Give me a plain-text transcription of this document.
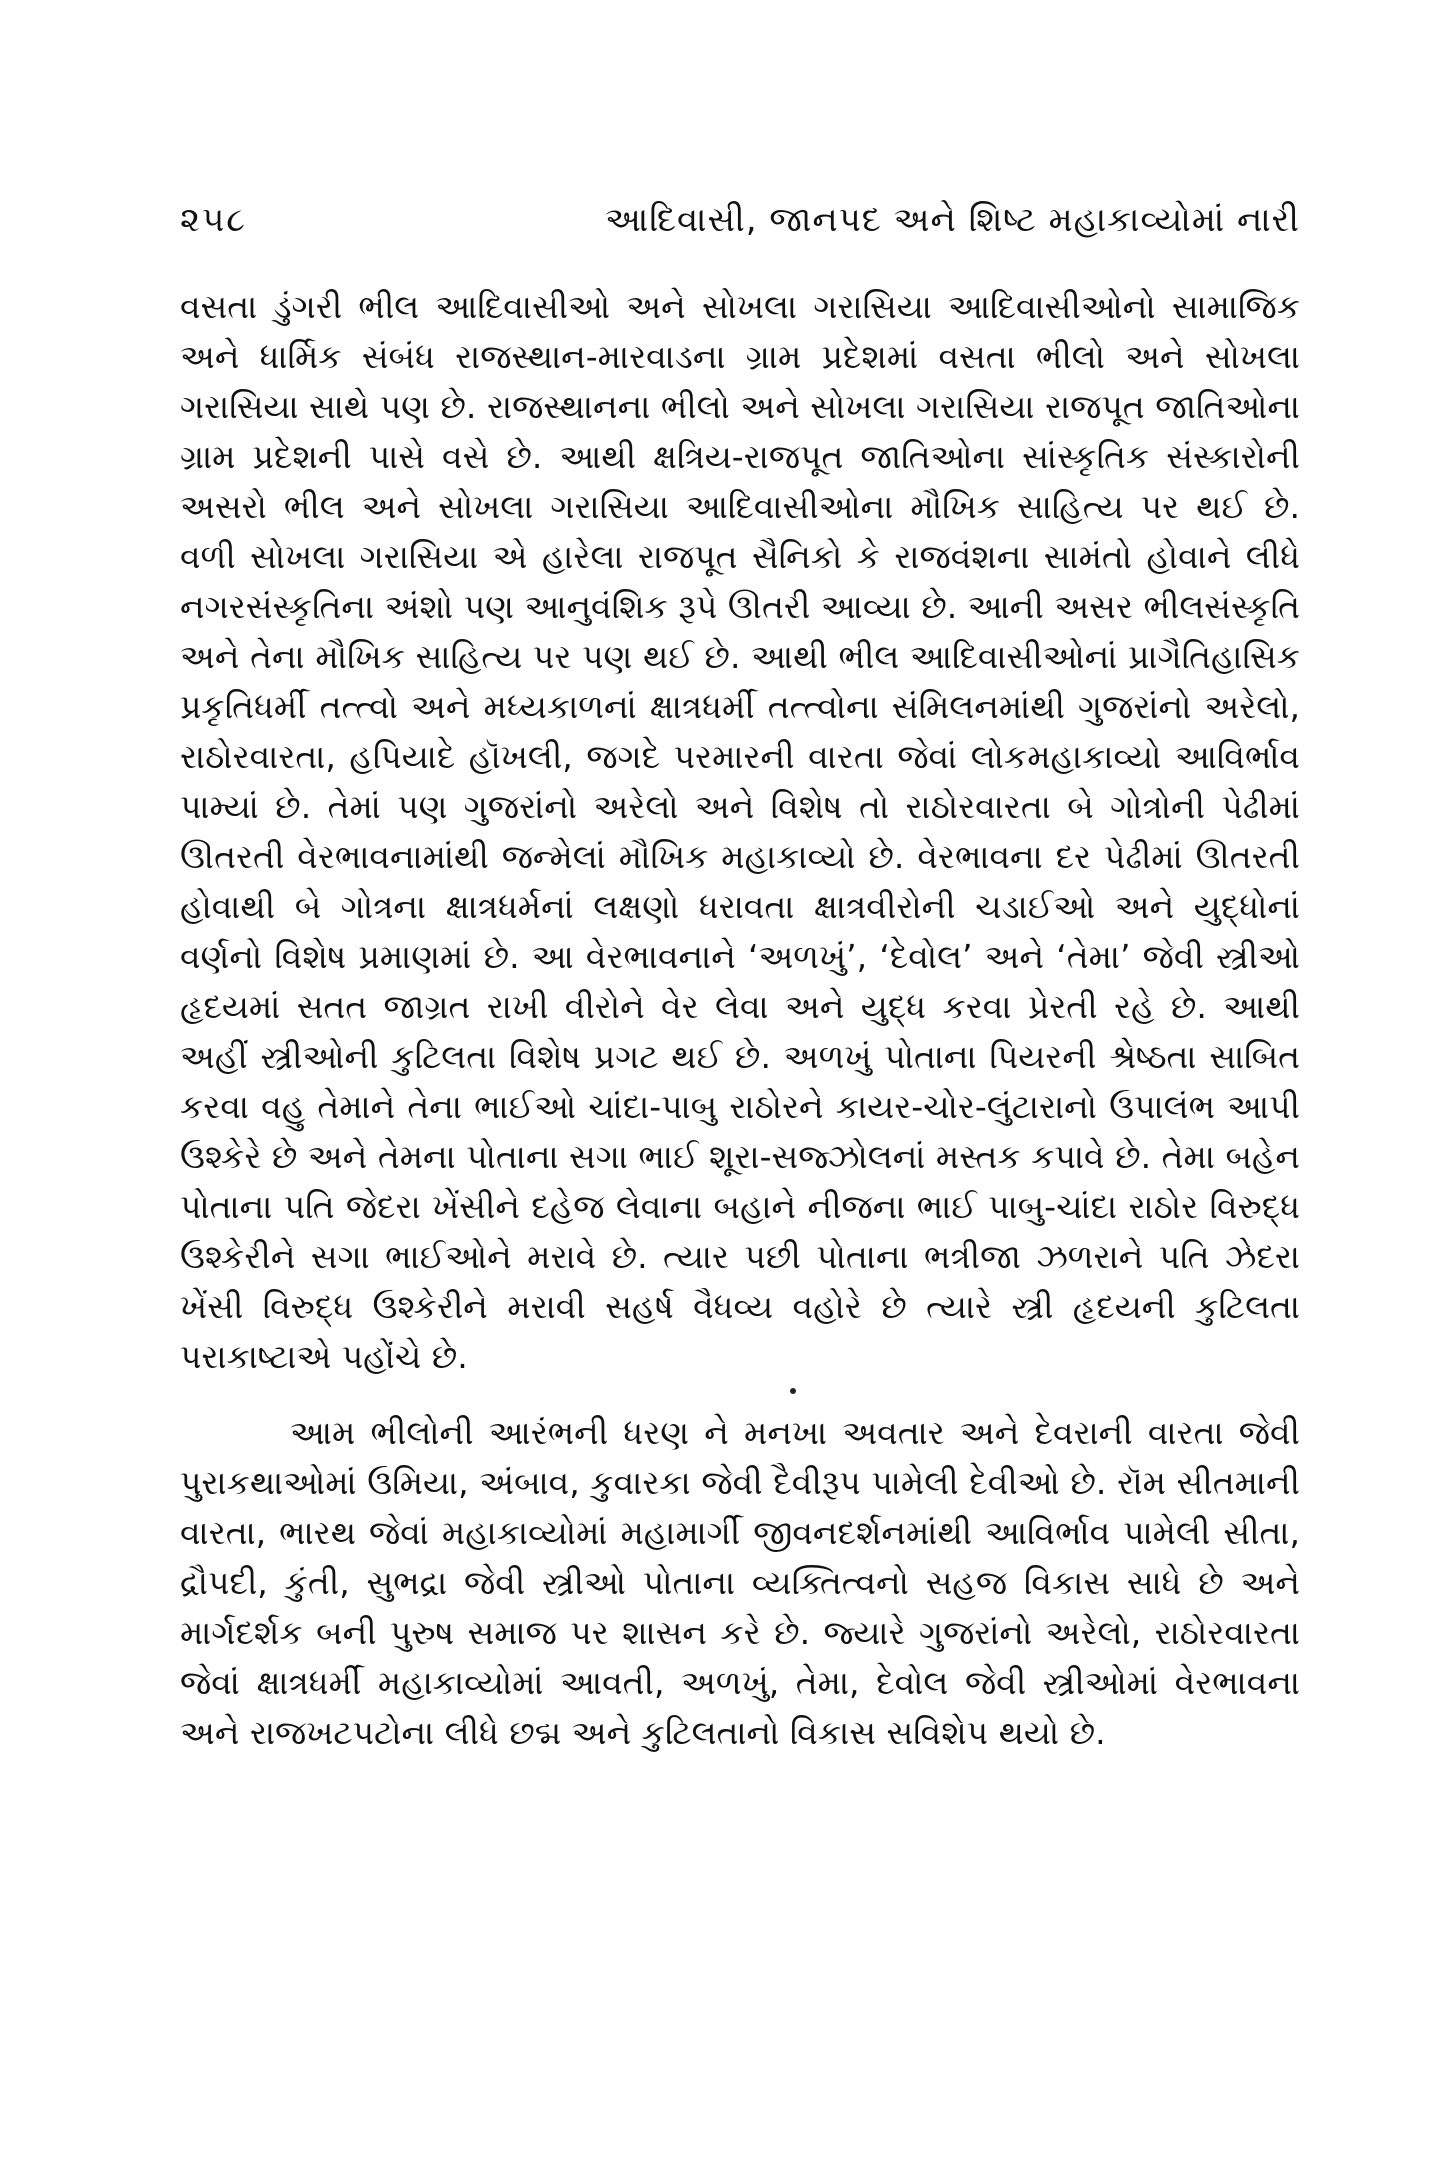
૨૫૮	આદિવાસી, જાનપદ અને શિષ્ટ મહાકાવ્યોમાં નારી

વસતા ડુંગરી ભીલ આદિવાસીઓ અને સોખલા ગરાસિયા આદિવાસીઓનો સામાજિક અને ધાર્મિક સંબંધ રાજસ્થાન-મારવાડના ગ્રામ પ્રદેશમાં વસતા ભીલો અને સોખલા ગરાસિયા સાથે પણ છે. રાજસ્થાનના ભીલો અને સોખલા ગરાસિયા રાજપૂત જાતિઓના ગ્રામ પ્રદેશની પાસે વસે છે. આથી ક્ષત્રિય-રાજપૂત જાતિઓના સાંસ્કૃતિક સંસ્કારોની અસરો ભીલ અને સોખલા ગરાસિયા આદિવાસીઓના મૌખિક સાહિત્ય પર થઈ છે. વળી સોખલા ગરાસિયા એ હારેલા રાજપૂત સૈનિકો કે રાજવંશના સામંતો હોવાને લીધે નગરસંસ્કૃતિના અંશો પણ આનુવંશિક રૂપે ઊતરી આવ્યા છે. આની અસર ભીલસંસ્કૃતિ અને તેના મૌખિક સાહિત્ય પર પણ થઈ છે. આથી ભીલ આદિવાસીઓનાં પ્રાગૈતિહાસિક પ્રકૃતિધર્મી તત્ત્વો અને મધ્યકાળનાં ક્ષાત્રધર્મી તત્ત્વોના સંમિલનમાંથી ગુજરાંનો અરેલો, રાઠોરવારતા, હપિયાદે હૉખલી, જગદે પરમારની વારતા જેવાં લોકમહાકાવ્યો આવિર્ભાવ પામ્યાં છે. તેમાં પણ ગુજરાંનો અરેલો અને વિશેષ તો રાઠોરવારતા બે ગોત્રોની પેઢીમાં ઊતરતી વેરભાવનામાંથી જન્મેલાં મૌખિક મહાકાવ્યો છે. વેરભાવના દર પેઢીમાં ઊતરતી હોવાથી બે ગોત્રના ક્ષાત્રધર્મનાં લક્ષણો ધરાવતા ક્ષાત્રવીરોની ચડાઈઓ અને યુદ્ધોનાં વર્ણનો વિશેષ પ્રમાણમાં છે. આ વેરભાવનાને ‘અળખું’, ‘દેવોલ’ અને ‘તેમા’ જેવી સ્ત્રીઓ હૃદયમાં સતત જાગ્રત રાખી વીરોને વેર લેવા અને યુદ્ધ કરવા પ્રેરતી રહે છે. આથી અહીં સ્ત્રીઓની કુટિલતા વિશેષ પ્રગટ થઈ છે. અળખું પોતાના પિયરની શ્રેષ્ઠતા સાબિત કરવા વહુ તેમાને તેના ભાઈઓ ચાંદા-પાબુ રાઠોરને કાયર-ચોર-લુંટારાનો ઉપાલંભ આપી ઉશ્કેરે છે અને તેમના પોતાના સગા ભાઈ શૂરા-સજ્ઝોલનાં મસ્તક કપાવે છે. તેમા બહેન પોતાના પતિ જેદરા ખેંસીને દહેજ લેવાના બહાને નીજના ભાઈ પાબુ-ચાંદા રાઠોર વિરુદ્ધ ઉશ્કેરીને સગા ભાઈઓને મરાવે છે. ત્યાર પછી પોતાના ભત્રીજા ઝળરાને પતિ ઝેદરા ખેંસી વિરુદ્ધ ઉશ્કેરીને મરાવી સહર્ષ વૈધવ્ય વહોરે છે ત્યારે સ્ત્રી હૃદયની કુટિલતા પરાકાષ્ટાએ પહોંચે છે.

આમ ભીલોની આરંભની ધરણ ને મનખા અવતાર અને દેવરાની વારતા જેવી પુરાકથાઓમાં ઉમિયા, અંબાવ, કુવારકા જેવી દૈવીરૂપ પામેલી દેવીઓ છે. રૉમ સીતમાની વારતા, ભારથ જેવાં મહાકાવ્યોમાં મહામાર્ગી જીવનદર્શનમાંથી આવિર્ભાવ પામેલી સીતા, દ્રૌપદી, કુંતી, સુભદ્રા જેવી સ્ત્રીઓ પોતાના વ્યક્તિત્વનો સહજ વિકાસ સાધે છે અને માર્ગદર્શક બની પુરુષ સમાજ પર શાસન કરે છે. જ્યારે ગુજરાંનો અરેલો, રાઠોરવારતા જેવાં ક્ષાત્રધર્મી મહાકાવ્યોમાં આવતી, અળખું, તેમા, દેવોલ જેવી સ્ત્રીઓમાં વેરભાવના અને રાજખટપટોના લીધે છદ્મ અને કુટિલતાનો વિકાસ સવિશેપ થયો છે.
